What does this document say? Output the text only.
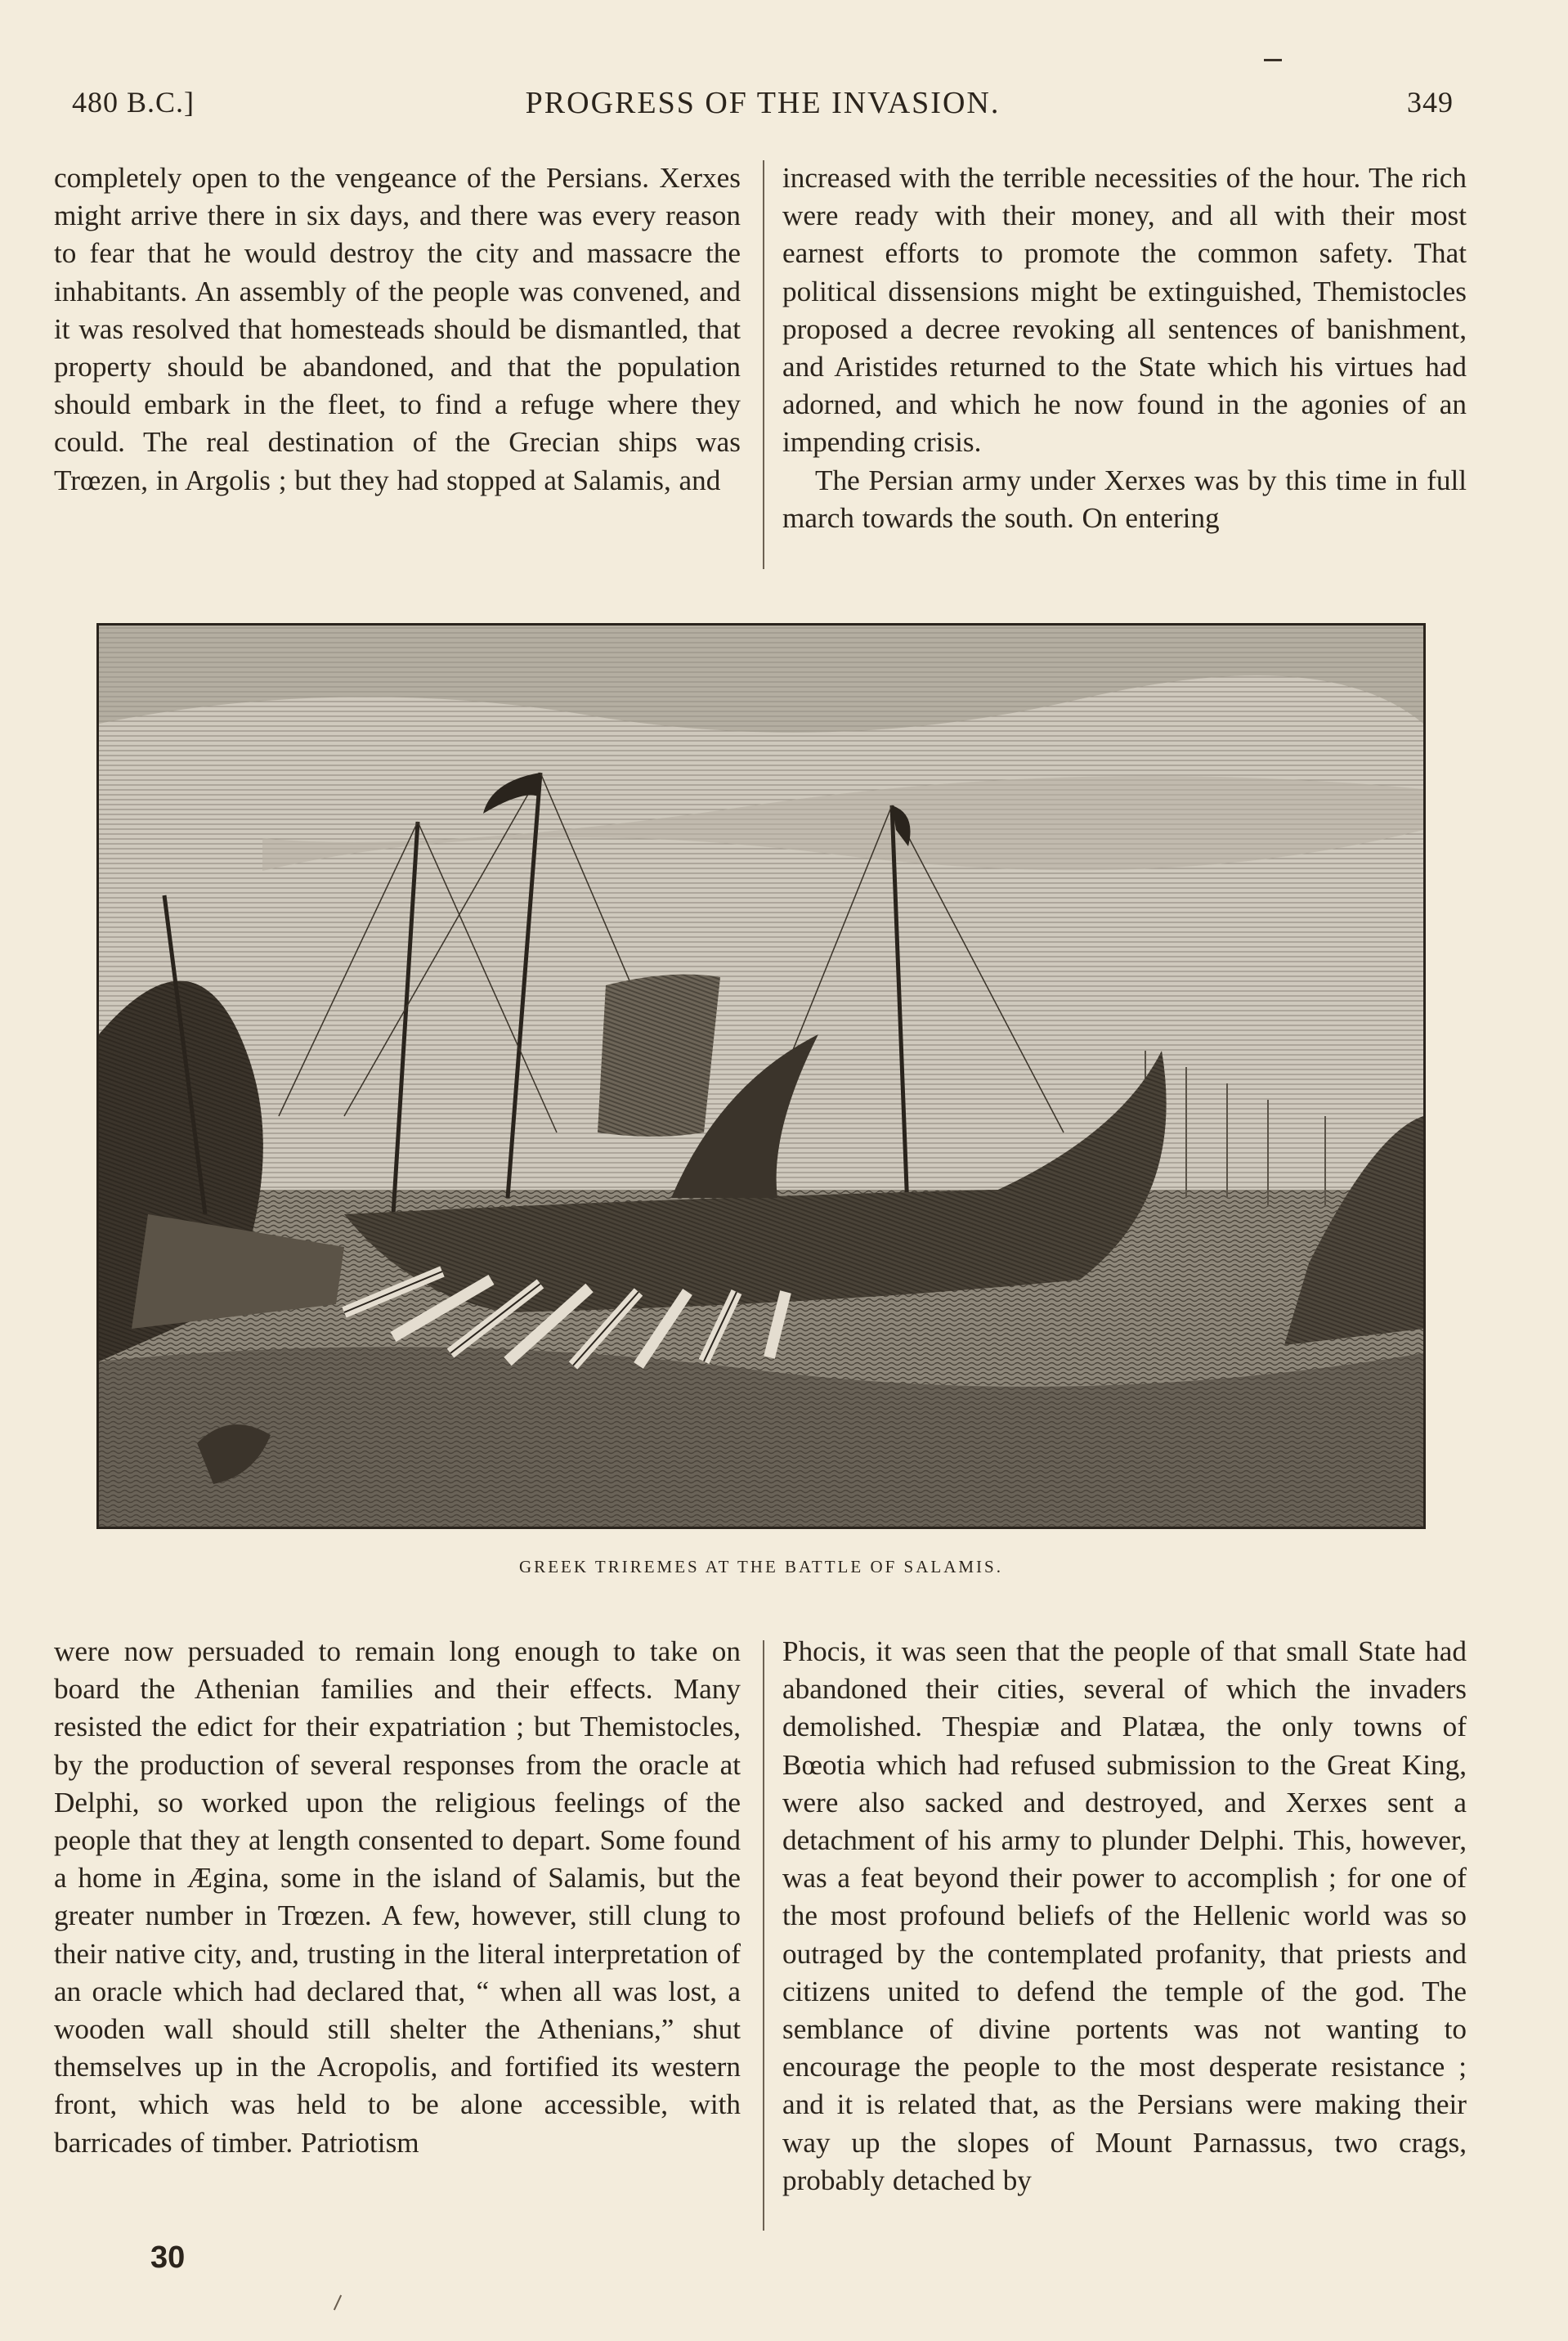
480 B.C.]	PROGRESS OF THE INVASION.	349

completely open to the vengeance of the Persians. Xerxes might arrive there in six days, and there was every reason to fear that he would destroy the city and massacre the inhabitants. An assembly of the people was convened, and it was resolved that homesteads should be dismantled, that property should be abandoned, and that the population should embark in the fleet, to find a refuge where they could. The real destination of the Grecian ships was Trœzen, in Argolis ; but they had stopped at Salamis, and

increased with the terrible necessities of the hour. The rich were ready with their money, and all with their most earnest efforts to promote the common safety. That political dissensions might be extinguished, Themistocles proposed a decree revoking all sentences of banishment, and Aristides returned to the State which his virtues had adorned, and which he now found in the agonies of an impending crisis.

The Persian army under Xerxes was by this time in full march towards the south. On entering

GREEK TRIREMES AT THE BATTLE OF SALAMIS.

were now persuaded to remain long enough to take on board the Athenian families and their effects. Many resisted the edict for their expatriation ; but Themistocles, by the production of several responses from the oracle at Delphi, so worked upon the religious feelings of the people that they at length consented to depart. Some found a home in Ægina, some in the island of Salamis, but the greater number in Trœzen. A few, however, still clung to their native city, and, trusting in the literal interpretation of an oracle which had declared that, “ when all was lost, a wooden wall should still shelter the Athenians,” shut themselves up in the Acropolis, and fortified its western front, which was held to be alone accessible, with barricades of timber. Patriotism

Phocis, it was seen that the people of that small State had abandoned their cities, several of which the invaders demolished. Thespiæ and Platæa, the only towns of Bœotia which had refused submission to the Great King, were also sacked and destroyed, and Xerxes sent a detachment of his army to plunder Delphi. This, however, was a feat beyond their power to accomplish ; for one of the most profound beliefs of the Hellenic world was so outraged by the contemplated profanity, that priests and citizens united to defend the temple of the god. The semblance of divine portents was not wanting to encourage the people to the most desperate resistance ; and it is related that, as the Persians were making their way up the slopes of Mount Parnassus, two crags, probably detached by

30
